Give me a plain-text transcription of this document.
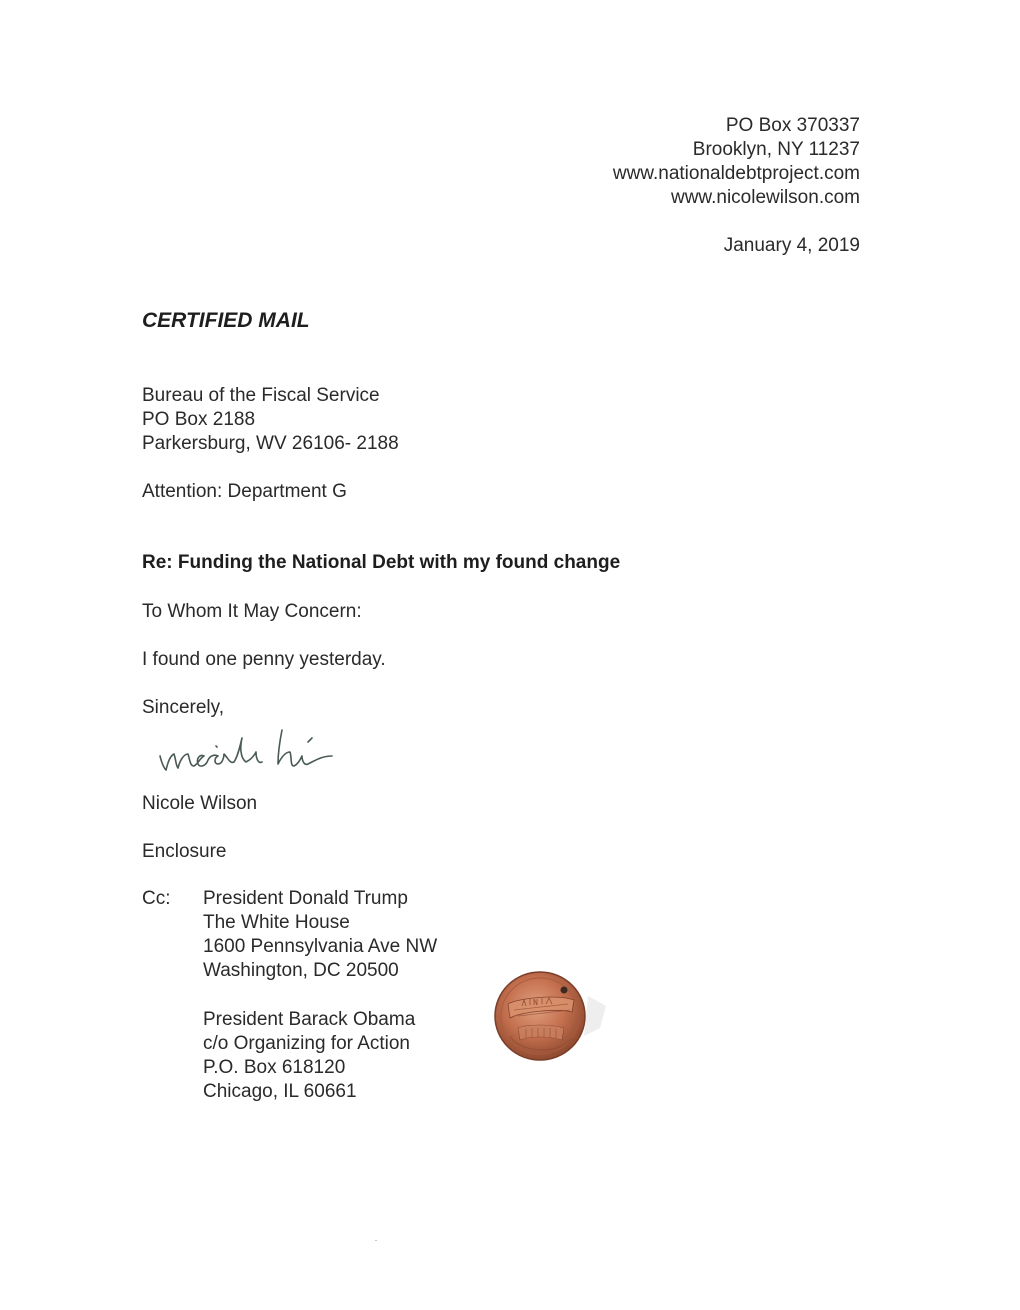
PO Box 370337
Brooklyn, NY 11237
www.nationaldebtproject.com
www.nicolewilson.com
January 4, 2019
CERTIFIED MAIL
Bureau of the Fiscal Service
PO Box 2188
Parkersburg, WV 26106- 2188
Attention: Department G
Re: Funding the National Debt with my found change
To Whom It May Concern:
I found one penny yesterday.
Sincerely,
Nicole Wilson
Enclosure
Cc: President Donald Trump
The White House
1600 Pennsylvania Ave NW
Washington, DC 20500
President Barack Obama
c/o Organizing for Action
P.O. Box 618120
Chicago, IL 60661
